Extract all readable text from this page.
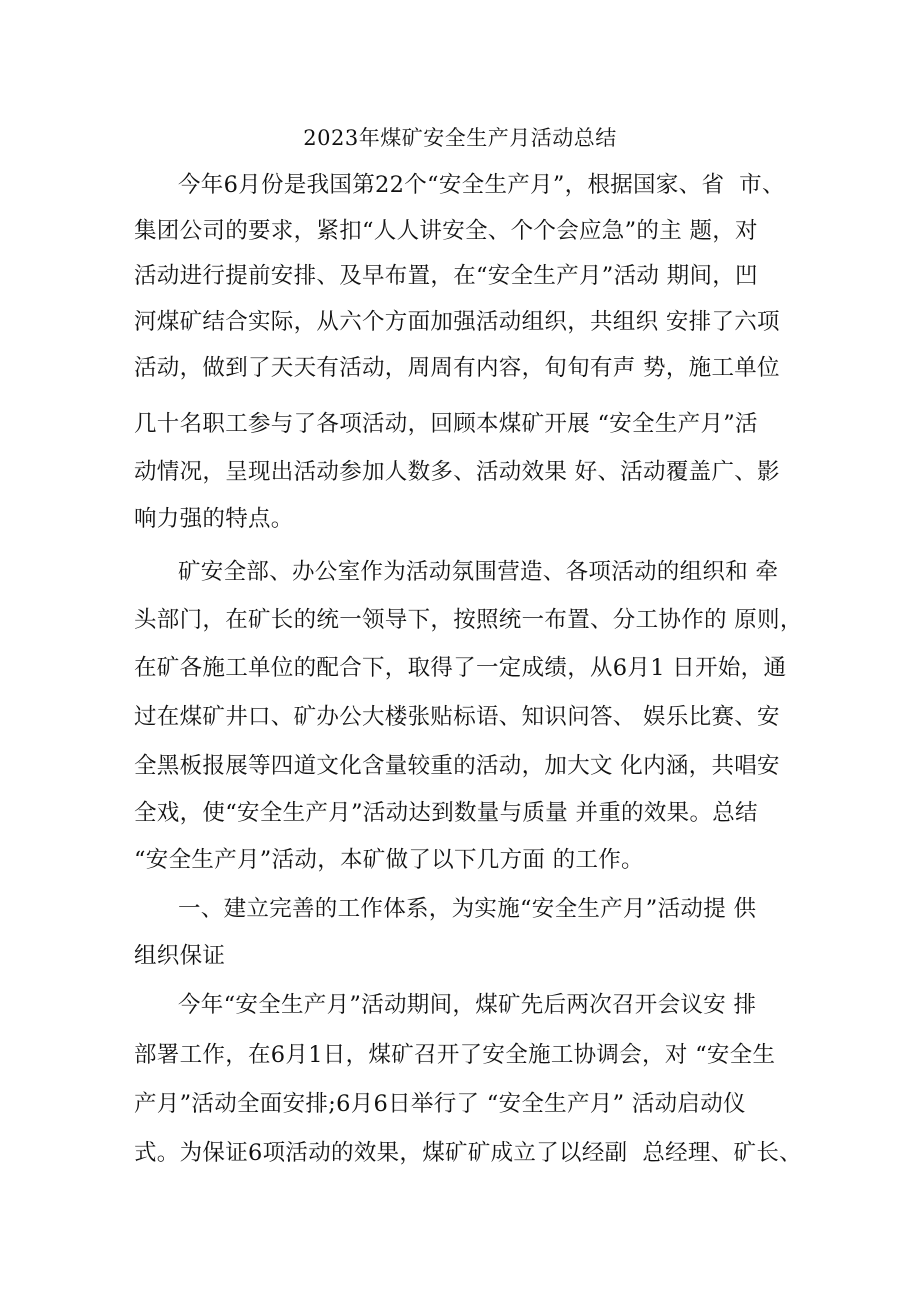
2023年煤矿安全生产月活动总结
今年6月份是我国第22个“安全生产月”，根据国家、省  市、
集团公司的要求，紧扣“人人讲安全、个个会应急”的主 题，对
活动进行提前安排、及早布置，在“安全生产月”活动 期间，凹
河煤矿结合实际，从六个方面加强活动组织，共组织 安排了六项
活动，做到了天天有活动，周周有内容，旬旬有声 势，施工单位
几十名职工参与了各项活动，回顾本煤矿开展 “安全生产月”活
动情况，呈现出活动参加人数多、活动效果 好、活动覆盖广、影
响力强的特点。
矿安全部、办公室作为活动氛围营造、各项活动的组织和 牵
头部门，在矿长的统一领导下，按照统一布置、分工协作的 原则，
在矿各施工单位的配合下，取得了一定成绩，从6月1 日开始，通
过在煤矿井口、矿办公大楼张贴标语、知识问答、 娱乐比赛、安
全黑板报展等四道文化含量较重的活动，加大文 化内涵，共唱安
全戏，使“安全生产月”活动达到数量与质量 并重的效果。总结
“安全生产月”活动，本矿做了以下几方面 的工作。
一、建立完善的工作体系，为实施“安全生产月”活动提 供
组织保证
今年“安全生产月”活动期间，煤矿先后两次召开会议安 排
部署工作，在6月1日，煤矿召开了安全施工协调会，对 “安全生
产月”活动全面安排;6月6日举行了 “安全生产月” 活动启动仪
式。为保证6项活动的效果，煤矿矿成立了以经副  总经理、矿长、
